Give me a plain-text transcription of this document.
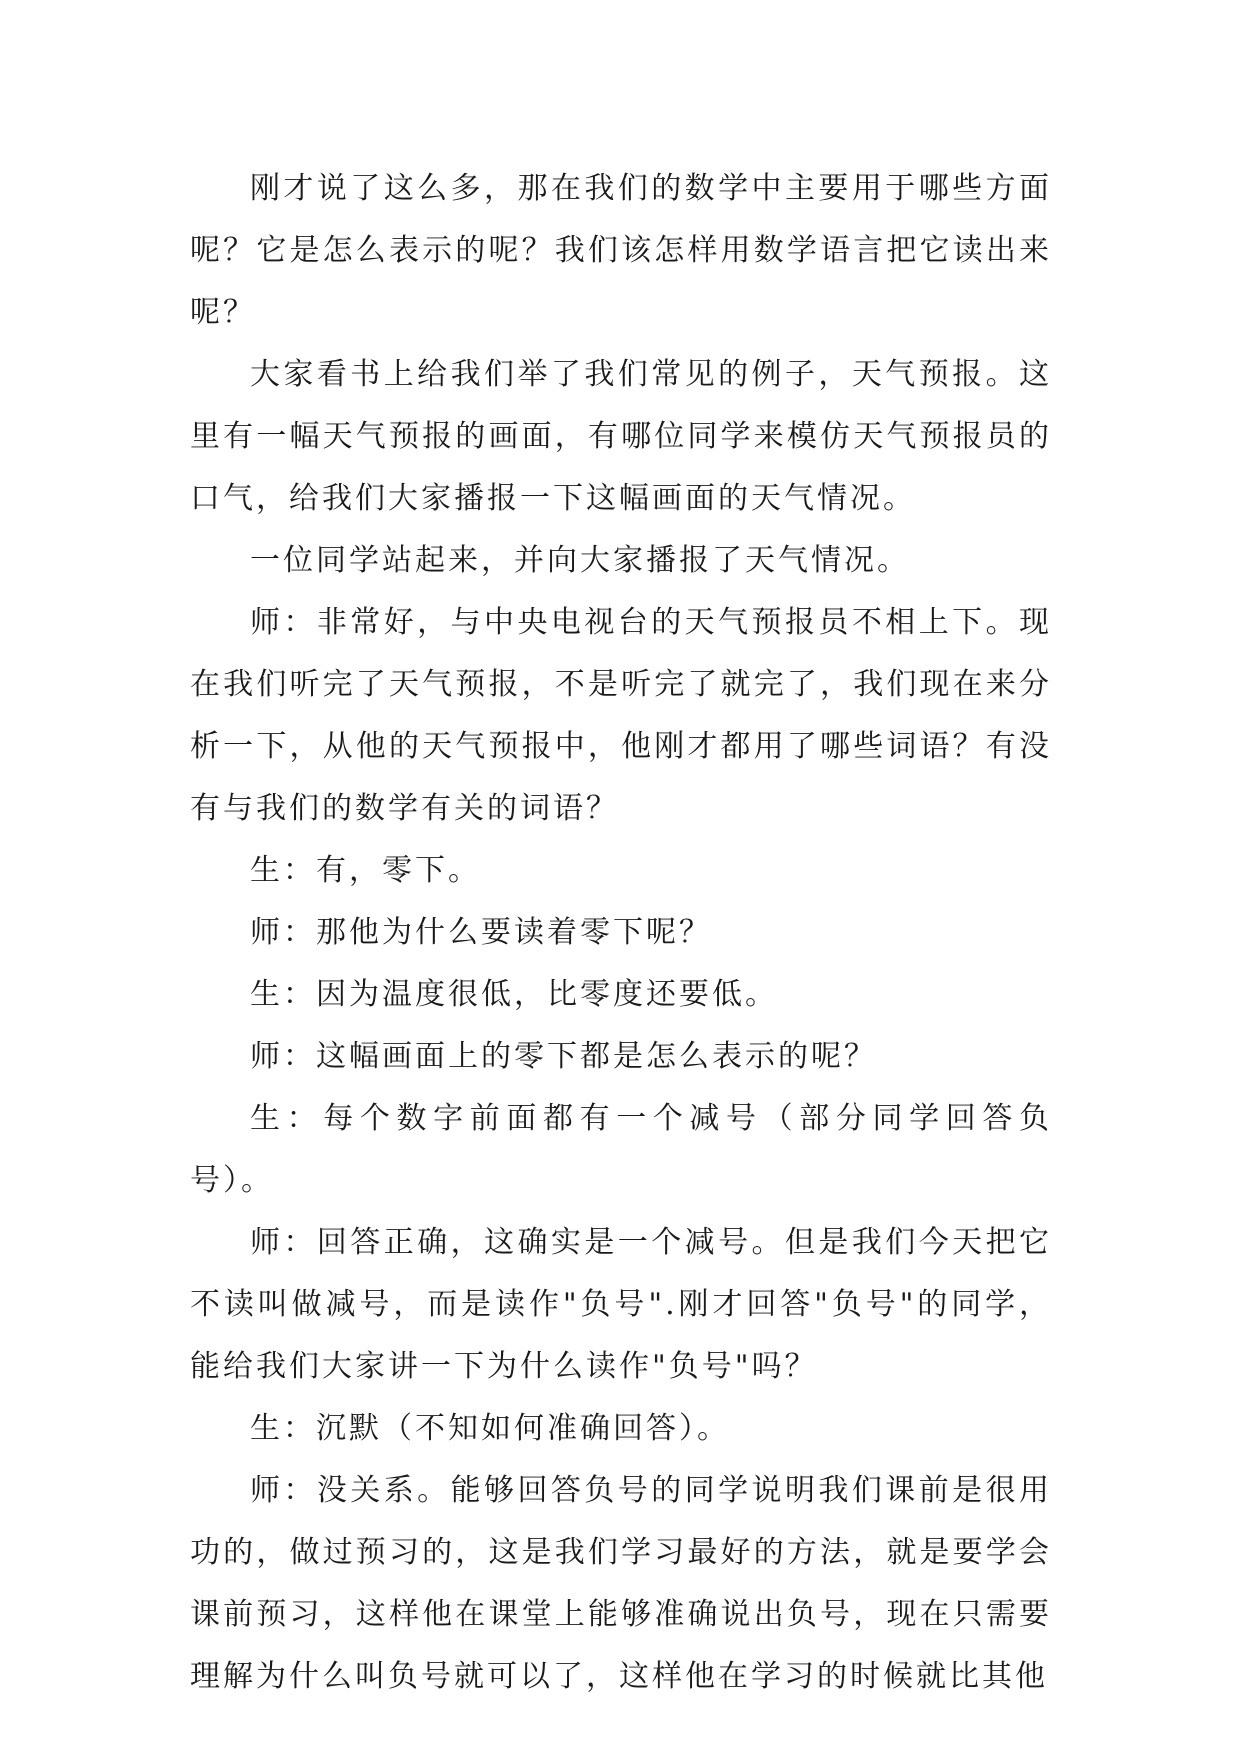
刚才说了这么多，那在我们的数学中主要用于哪些方面呢？它是怎么表示的呢？我们该怎样用数学语言把它读出来呢？

大家看书上给我们举了我们常见的例子，天气预报。这里有一幅天气预报的画面，有哪位同学来模仿天气预报员的口气，给我们大家播报一下这幅画面的天气情况。

一位同学站起来，并向大家播报了天气情况。

师：非常好，与中央电视台的天气预报员不相上下。现在我们听完了天气预报，不是听完了就完了，我们现在来分析一下，从他的天气预报中，他刚才都用了哪些词语？有没有与我们的数学有关的词语？

生：有，零下。

师：那他为什么要读着零下呢？

生：因为温度很低，比零度还要低。

师：这幅画面上的零下都是怎么表示的呢？

生：每个数字前面都有一个减号（部分同学回答负号）。

师：回答正确，这确实是一个减号。但是我们今天把它不读叫做减号，而是读作"负号".刚才回答"负号"的同学，能给我们大家讲一下为什么读作"负号"吗？

生：沉默（不知如何准确回答）。

师：没关系。能够回答负号的同学说明我们课前是很用功的，做过预习的，这是我们学习最好的方法，就是要学会课前预习，这样他在课堂上能够准确说出负号，现在只需要理解为什么叫负号就可以了，这样他在学习的时候就比其他
